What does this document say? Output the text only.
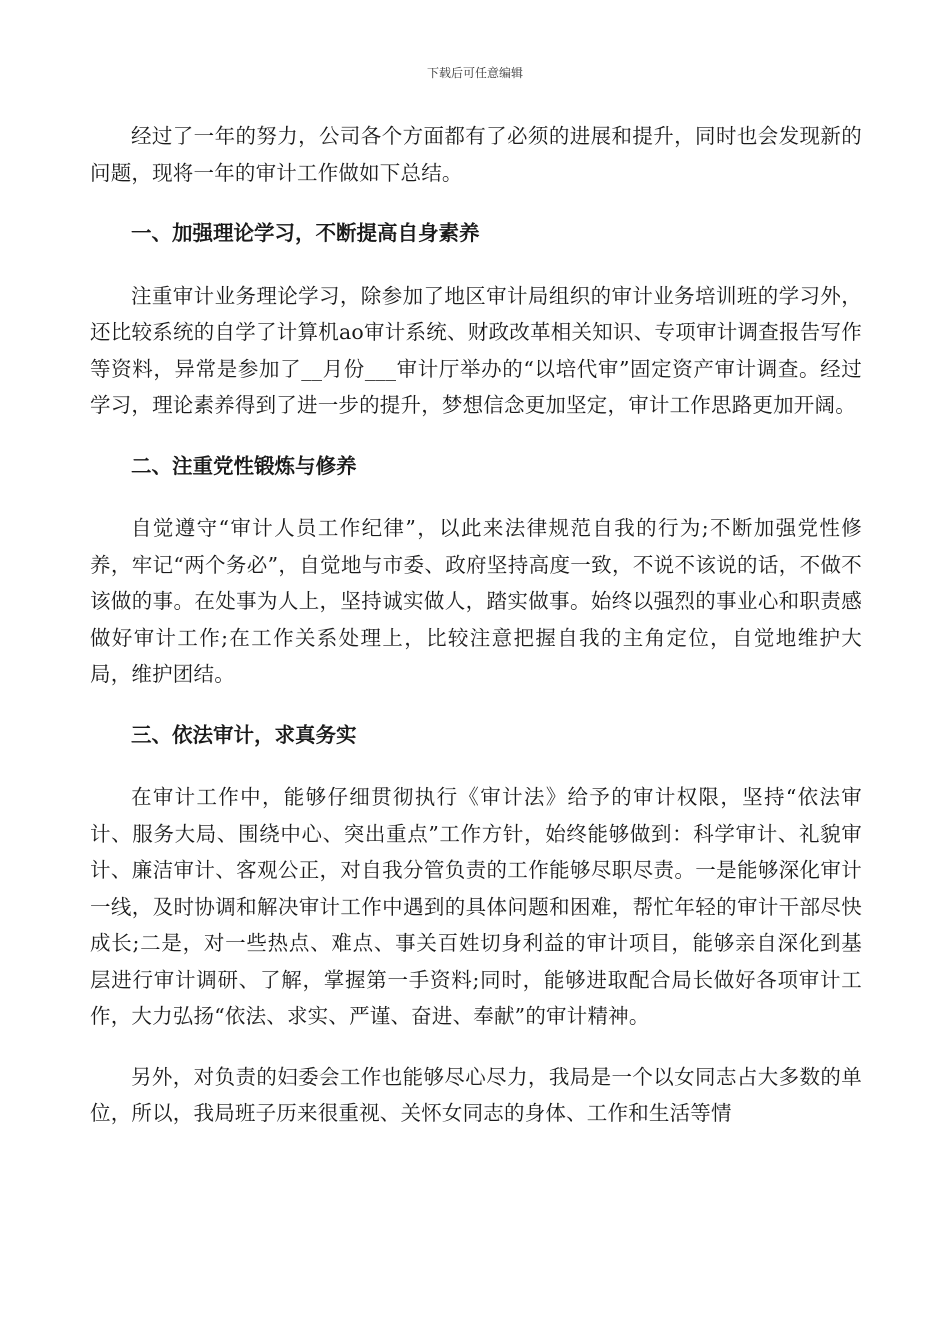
下载后可任意编辑

经过了一年的努力，公司各个方面都有了必须的进展和提升，同时也会发现新的问题，现将一年的审计工作做如下总结。

一、加强理论学习，不断提高自身素养

注重审计业务理论学习，除参加了地区审计局组织的审计业务培训班的学习外，还比较系统的自学了计算机ao审计系统、财政改革相关知识、专项审计调查报告写作等资料，异常是参加了__月份___审计厅举办的“以培代审”固定资产审计调查。经过学习，理论素养得到了进一步的提升，梦想信念更加坚定，审计工作思路更加开阔。

二、注重党性锻炼与修养

自觉遵守“审计人员工作纪律”，以此来法律规范自我的行为;不断加强党性修养，牢记“两个务必”，自觉地与市委、政府坚持高度一致，不说不该说的话，不做不该做的事。在处事为人上，坚持诚实做人，踏实做事。始终以强烈的事业心和职责感做好审计工作;在工作关系处理上，比较注意把握自我的主角定位，自觉地维护大局，维护团结。

三、依法审计，求真务实

在审计工作中，能够仔细贯彻执行《审计法》给予的审计权限，坚持“依法审计、服务大局、围绕中心、突出重点”工作方针，始终能够做到：科学审计、礼貌审计、廉洁审计、客观公正，对自我分管负责的工作能够尽职尽责。一是能够深化审计一线，及时协调和解决审计工作中遇到的具体问题和困难，帮忙年轻的审计干部尽快成长;二是，对一些热点、难点、事关百姓切身利益的审计项目，能够亲自深化到基层进行审计调研、了解，掌握第一手资料;同时，能够进取配合局长做好各项审计工作，大力弘扬“依法、求实、严谨、奋进、奉献”的审计精神。

另外，对负责的妇委会工作也能够尽心尽力，我局是一个以女同志占大多数的单位，所以，我局班子历来很重视、关怀女同志的身体、工作和生活等情
